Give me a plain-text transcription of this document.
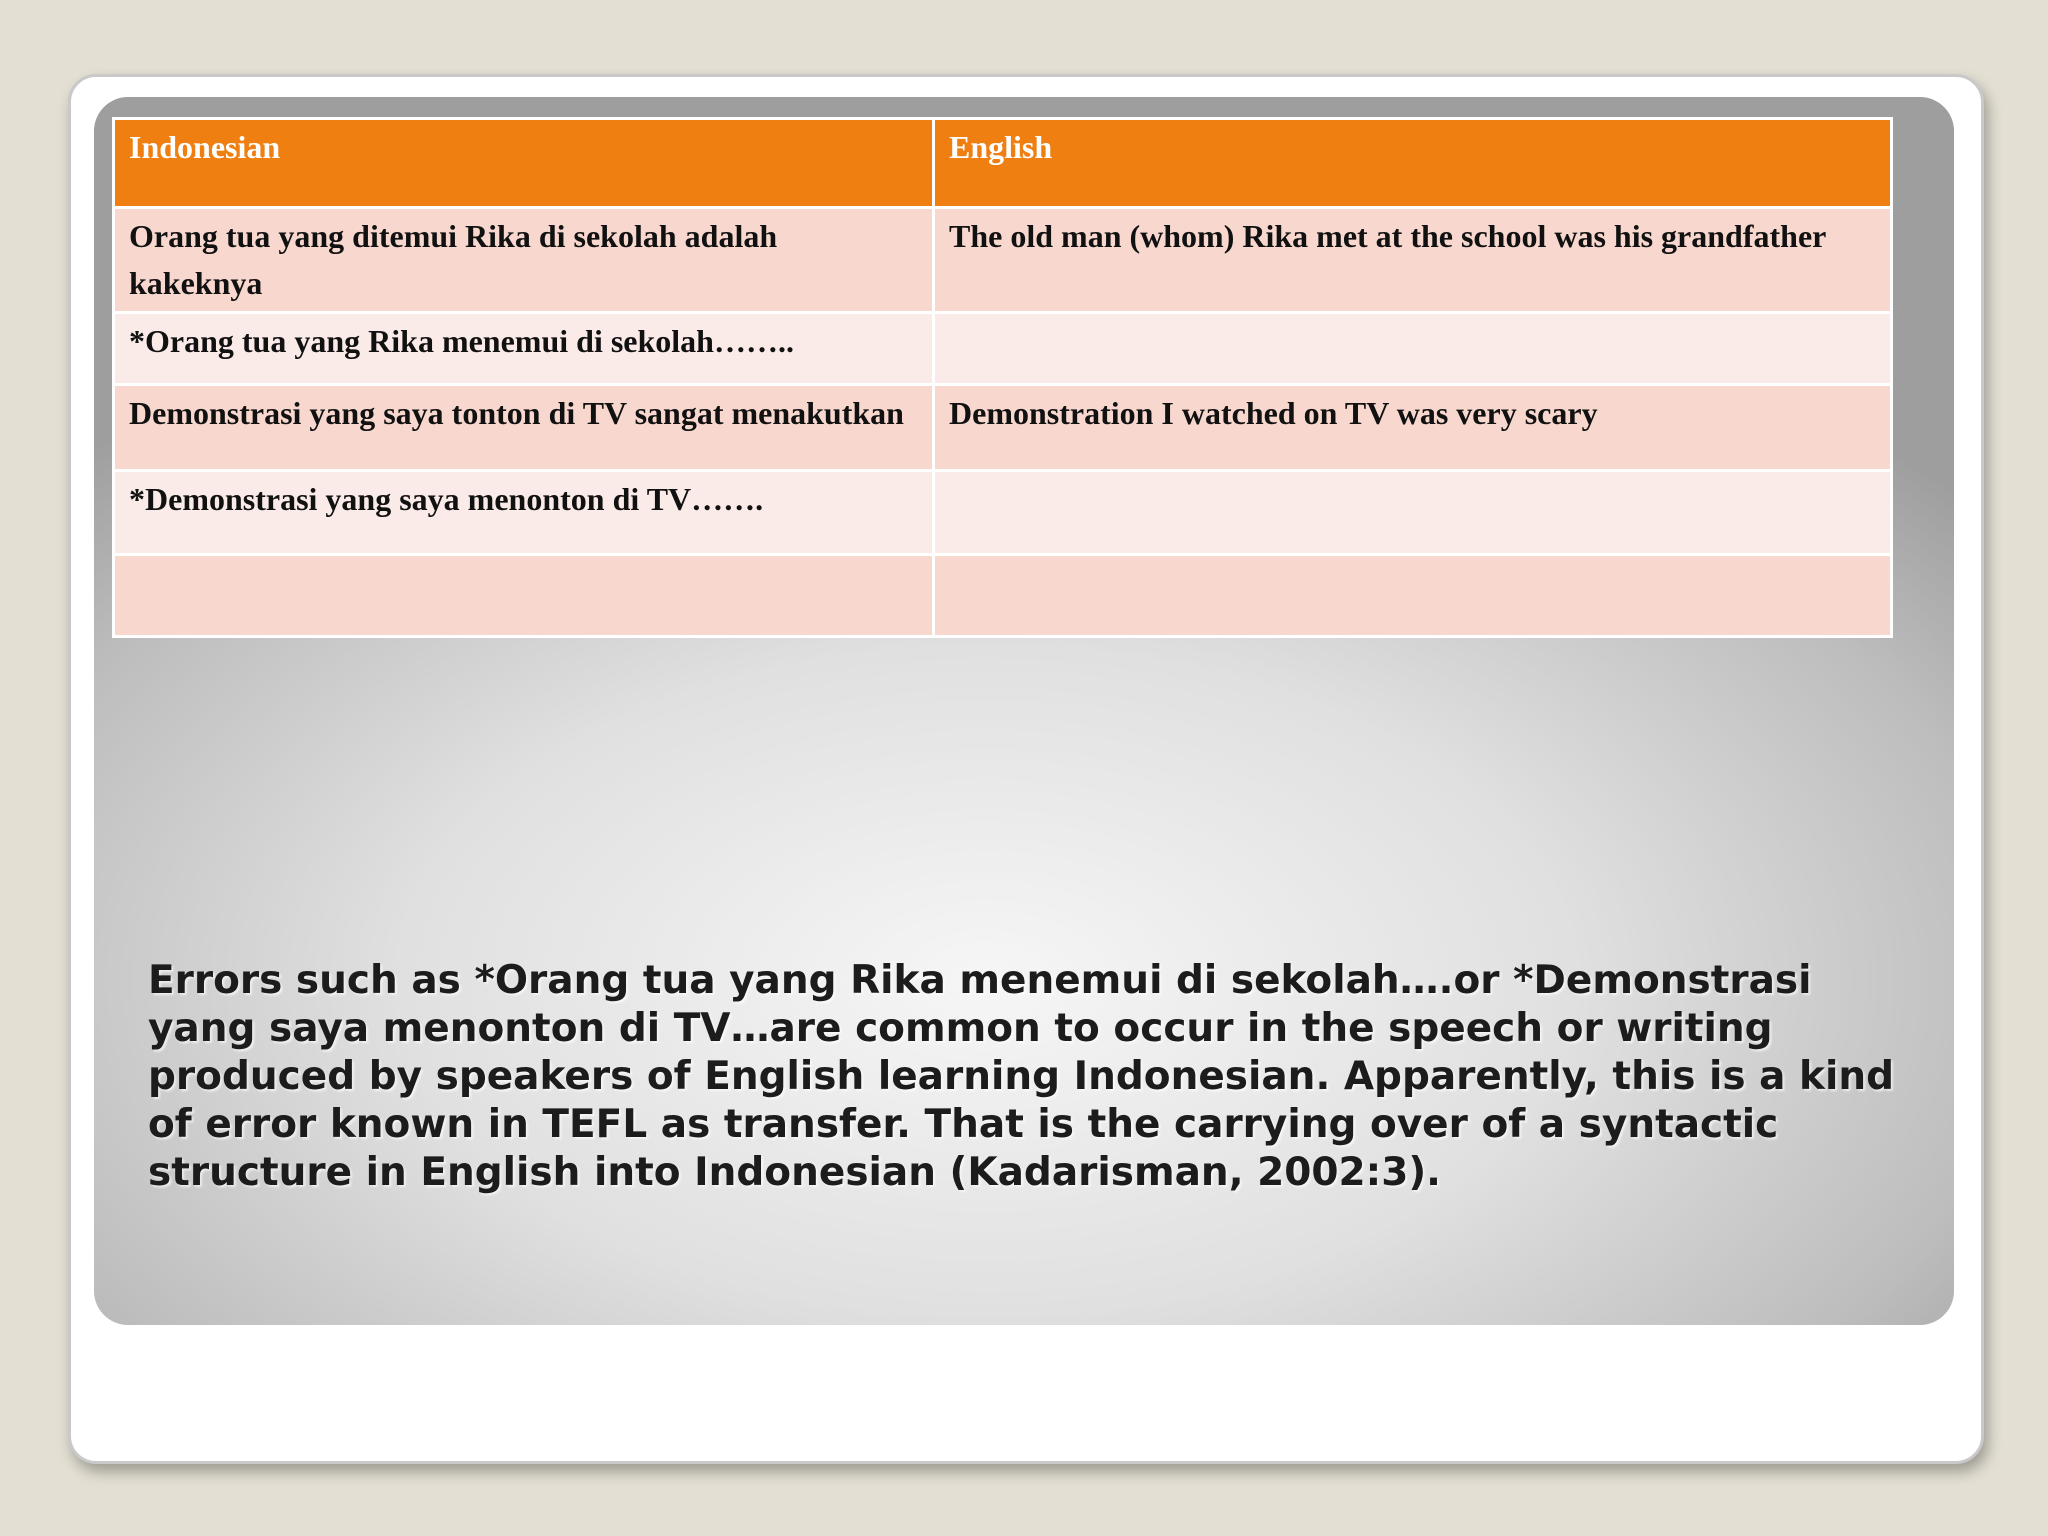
Indonesian	English
Orang tua yang ditemui Rika di sekolah adalah kakeknya	The old man (whom) Rika met at the school was his grandfather
*Orang tua yang Rika menemui di sekolah……..	
Demonstrasi yang saya tonton di TV sangat menakutkan	Demonstration I watched on TV was very scary
*Demonstrasi yang saya menonton di TV…….	

Errors such as *Orang tua yang Rika menemui di sekolah….or *Demonstrasi yang saya menonton di TV…are common to occur in the speech or writing produced by speakers of English learning Indonesian. Apparently, this is a kind of error known in TEFL as transfer. That is the carrying over of a syntactic structure in English into Indonesian (Kadarisman, 2002:3).
